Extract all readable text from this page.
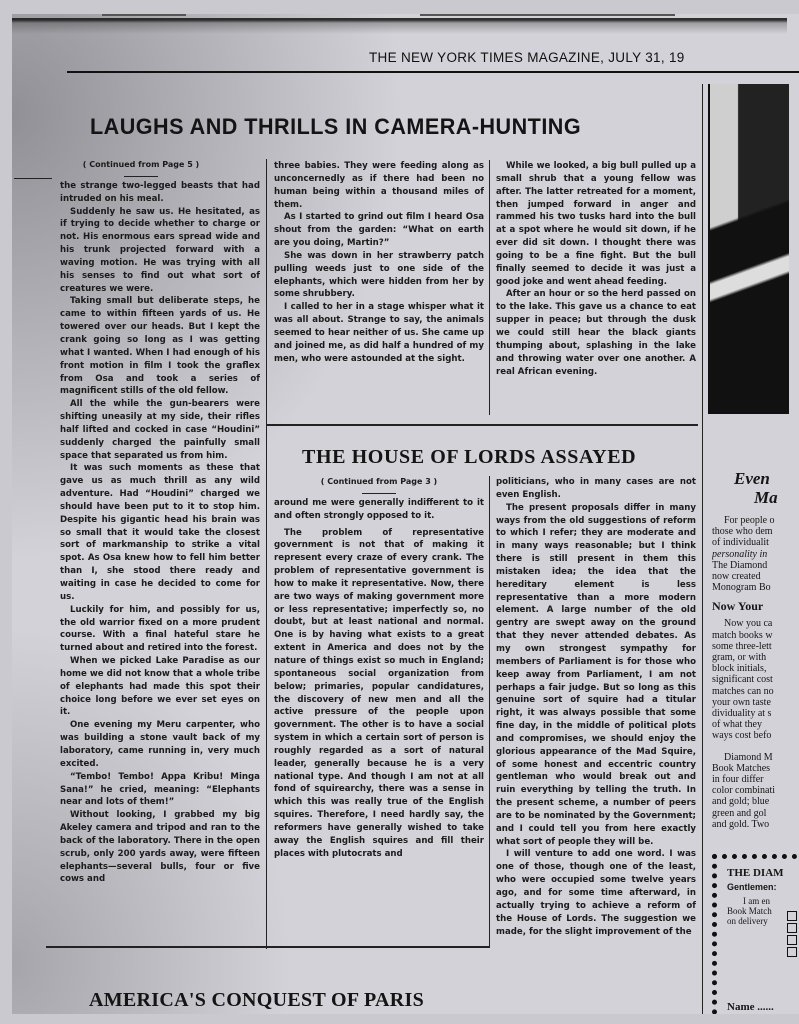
THE NEW YORK TIMES MAGAZINE, JULY 31, 19
LAUGHS AND THRILLS IN CAMERA-HUNTING
( Continued from Page 5 )

the strange two-legged beasts that had intruded on his meal.

Suddenly he saw us. He hesitated, as if trying to decide whether to charge or not. His enormous ears spread wide and his trunk projected forward with a waving motion. He was trying with all his senses to find out what sort of creatures we were.

Taking small but deliberate steps, he came to within fifteen yards of us. He towered over our heads. But I kept the crank going so long as I was getting what I wanted. When I had enough of his front motion in film I took the graflex from Osa and took a series of magnificent stills of the old fellow.

All the while the gun-bearers were shifting uneasily at my side, their rifles half lifted and cocked in case “Houdini” suddenly charged the painfully small space that separated us from him.

It was such moments as these that gave us as much thrill as any wild adventure. Had “Houdini” charged we should have been put to it to stop him. Despite his gigantic head his brain was so small that it would take the closest sort of markmanship to strike a vital spot. As Osa knew how to fell him better than I, she stood there ready and waiting in case he decided to come for us.

Luckily for him, and possibly for us, the old warrior fixed on a more prudent course. With a final hateful stare he turned about and retired into the forest.

When we picked Lake Paradise as our home we did not know that a whole tribe of elephants had made this spot their choice long before we ever set eyes on it.

One evening my Meru carpenter, who was building a stone vault back of my laboratory, came running in, very much excited.

“Tembo! Tembo! Appa Kribu! Minga Sana!” he cried, meaning: “Elephants near and lots of them!”

Without looking, I grabbed my big Akeley camera and tripod and ran to the back of the laboratory. There in the open scrub, only 200 yards away, were fifteen elephants—several bulls, four or five cows and

three babies. They were feeding along as unconcernedly as if there had been no human being within a thousand miles of them.

As I started to grind out film I heard Osa shout from the garden: “What on earth are you doing, Martin?”

She was down in her strawberry patch pulling weeds just to one side of the elephants, which were hidden from her by some shrubbery.

I called to her in a stage whisper what it was all about. Strange to say, the animals seemed to hear neither of us. She came up and joined me, as did half a hundred of my men, who were astounded at the sight.

While we looked, a big bull pulled up a small shrub that a young fellow was after. The latter retreated for a moment, then jumped forward in anger and rammed his two tusks hard into the bull at a spot where he would sit down, if he ever did sit down. I thought there was going to be a fine fight. But the bull finally seemed to decide it was just a good joke and went ahead feeding.

After an hour or so the herd passed on to the lake. This gave us a chance to eat supper in peace; but through the dusk we could still hear the black giants thumping about, splashing in the lake and throwing water over one another. A real African evening.

THE HOUSE OF LORDS ASSAYED
( Continued from Page 3 )

around me were generally indifferent to it and often strongly opposed to it.

The problem of representative government is not that of making it represent every craze of every crank. The problem of representative government is how to make it representative. Now, there are two ways of making government more or less representative; imperfectly so, no doubt, but at least national and normal. One is by having what exists to a great extent in America and does not by the nature of things exist so much in England; spontaneous social organization from below; primaries, popular candidatures, the discovery of new men and all the active pressure of the people upon government. The other is to have a social system in which a certain sort of person is roughly regarded as a sort of natural leader, generally because he is a very national type. And though I am not at all fond of squirearchy, there was a sense in which this was really true of the English squires. Therefore, I need hardly say, the reformers have generally wished to take away the English squires and fill their places with plutocrats and

politicians, who in many cases are not even English.

The present proposals differ in many ways from the old suggestions of reform to which I refer; they are moderate and in many ways reasonable; but I think there is still present in them this mistaken idea; the idea that the hereditary element is less representative than a more modern element. A large number of the old gentry are swept away on the ground that they never attended debates. As my own strongest sympathy for members of Parliament is for those who keep away from Parliament, I am not perhaps a fair judge. But so long as this genuine sort of squire had a titular right, it was always possible that some fine day, in the middle of political plots and compromises, we should enjoy the glorious appearance of the Mad Squire, of some honest and eccentric country gentleman who would break out and ruin everything by telling the truth. In the present scheme, a number of peers are to be nominated by the Government; and I could tell you from here exactly what sort of people they will be.

I will venture to add one word. I was one of those, though one of the least, who were occupied some twelve years ago, and for some time afterward, in actually trying to achieve a reform of the House of Lords. The suggestion we made, for the slight improvement of the

AMERICA'S CONQUEST OF PARIS
Even
Ma
For people o
those who dem
of individualit
personality in
The Diamond
now created
Monogram Bo
Now Your
Now you ca
match books w
some three-lett
gram, or with
block initials,
significant cost
matches can no
your own taste
dividuality at s
of what they
ways cost befo
Diamond M
Book Matches
in four differ
color combinati
and gold; blue
green and gol
and gold. Two
THE DIAM
Gentlemen:
I am en
Book Match
on delivery
Name ......
